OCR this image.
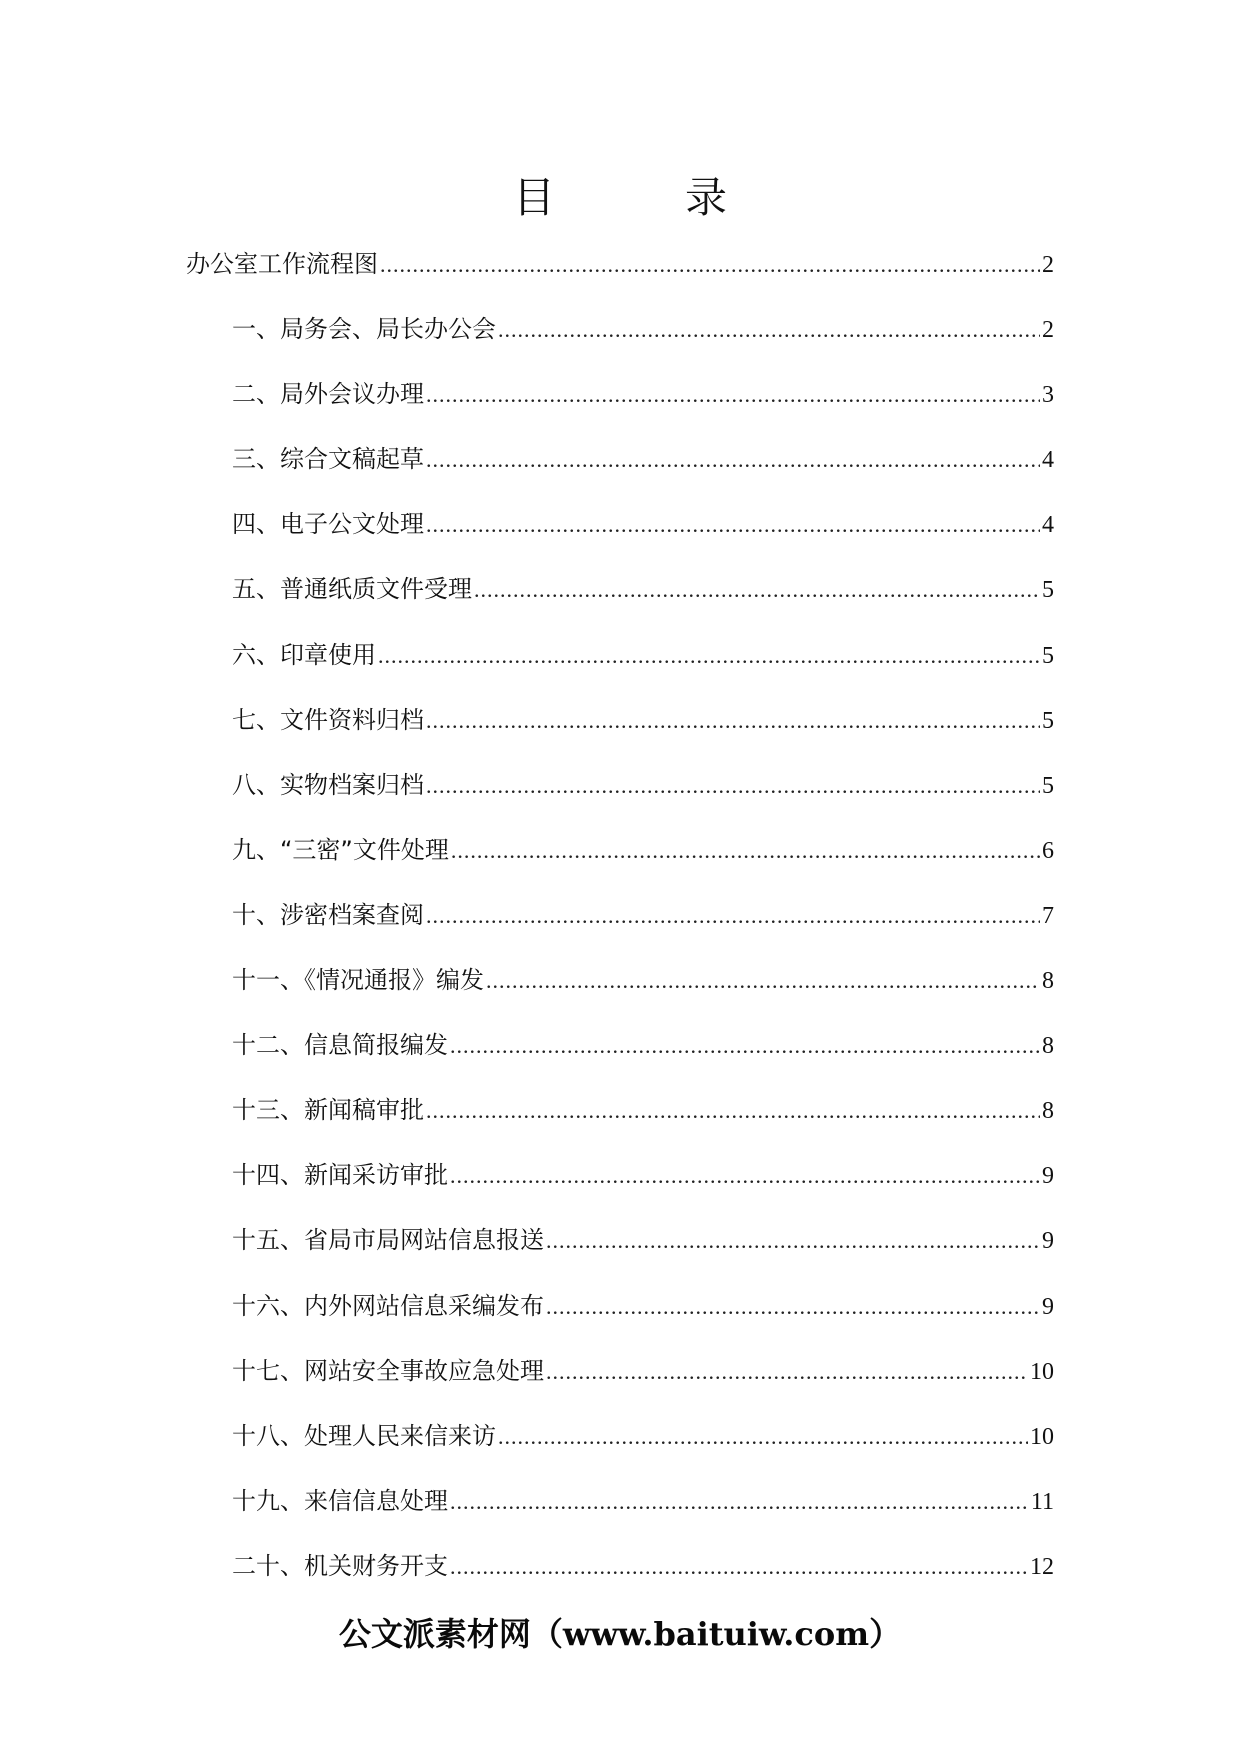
目　录
办公室工作流程图 .....	2
一、局务会、局长办公会 .....	2
二、局外会议办理 .....	3
三、综合文稿起草 .....	4
四、电子公文处理 .....	4
五、普通纸质文件受理 .....	5
六、印章使用 .....	5
七、文件资料归档 .....	5
八、实物档案归档 .....	5
九、“三密”文件处理 .....	6
十、涉密档案查阅 .....	7
十一、《情况通报》编发 .....	8
十二、信息简报编发 .....	8
十三、新闻稿审批 .....	8
十四、新闻采访审批 .....	9
十五、省局市局网站信息报送 .....	9
十六、内外网站信息采编发布 .....	9
十七、网站安全事故应急处理 .....	10
十八、处理人民来信来访 .....	10
十九、来信信息处理 .....	11
二十、机关财务开支 .....	12
公文派素材网（www.baituiw.com）
